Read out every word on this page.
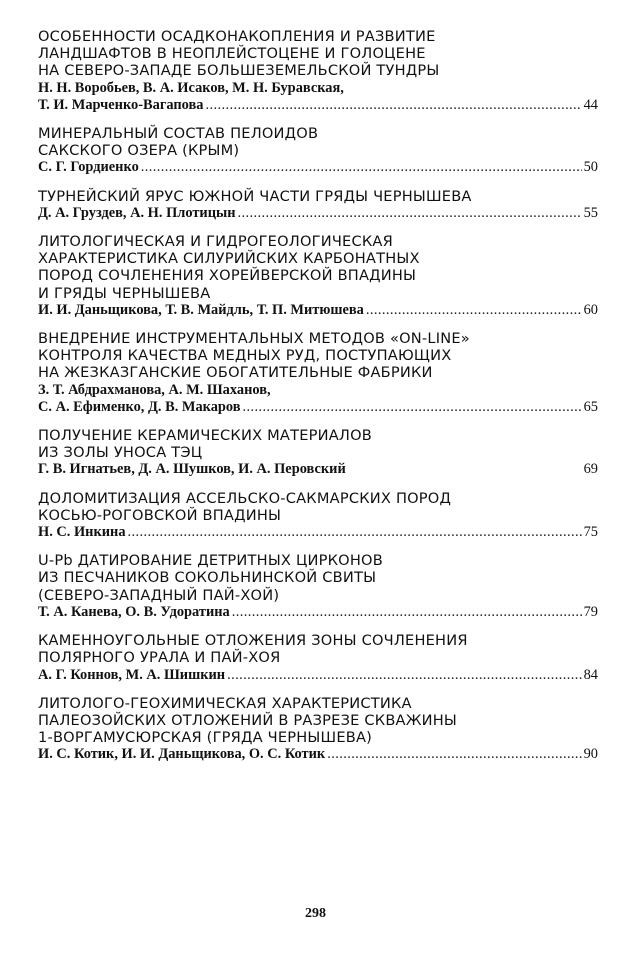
ОСОБЕННОСТИ ОСАДКОНАКОПЛЕНИЯ И РАЗВИТИЕ
ЛАНДШАФТОВ В НЕОПЛЕЙСТОЦЕНЕ И ГОЛОЦЕНЕ
НА СЕВЕРО-ЗАПАДЕ БОЛЬШЕЗЕМЕЛЬСКОЙ ТУНДРЫ
Н. Н. Воробьев, В. А. Исаков, М. Н. Буравская,
Т. И. Марченко-Вагапова . . .	44
МИНЕРАЛЬНЫЙ СОСТАВ ПЕЛОИДОВ
САКСКОГО ОЗЕРА (КРЫМ)
С. Г. Гордиенко . . .	50
ТУРНЕЙСКИЙ ЯРУС ЮЖНОЙ ЧАСТИ ГРЯДЫ ЧЕРНЫШЕВА
Д. А. Груздев, А. Н. Плотицын . . .	55
ЛИТОЛОГИЧЕСКАЯ И ГИДРОГЕОЛОГИЧЕСКАЯ
ХАРАКТЕРИСТИКА СИЛУРИЙСКИХ КАРБОНАТНЫХ
ПОРОД СОЧЛЕНЕНИЯ ХОРЕЙВЕРСКОЙ ВПАДИНЫ
И ГРЯДЫ ЧЕРНЫШЕВА
И. И. Даньщикова, Т. В. Майдль, Т. П. Митюшева . . .	60
ВНЕДРЕНИЕ ИНСТРУМЕНТАЛЬНЫХ МЕТОДОВ «ON-LINE»
КОНТРОЛЯ КАЧЕСТВА МЕДНЫХ РУД, ПОСТУПАЮЩИХ
НА ЖЕЗКАЗГАНСКИЕ ОБОГАТИТЕЛЬНЫЕ ФАБРИКИ
З. Т. Абдрахманова, А. М. Шаханов,
С. А. Ефименко, Д. В. Макаров . . .	65
ПОЛУЧЕНИЕ КЕРАМИЧЕСКИХ МАТЕРИАЛОВ
ИЗ ЗОЛЫ УНОСА ТЭЦ
Г. В. Игнатьев, Д. А. Шушков, И. А. Перовский	69
ДОЛОМИТИЗАЦИЯ АССЕЛЬСКО-САКМАРСКИХ ПОРОД
КОСЬЮ-РОГОВСКОЙ ВПАДИНЫ
Н. С. Инкина . . .	75
U-Pb ДАТИРОВАНИЕ ДЕТРИТНЫХ ЦИРКОНОВ
ИЗ ПЕСЧАНИКОВ СОКОЛЬНИНСКОЙ СВИТЫ
(СЕВЕРО-ЗАПАДНЫЙ ПАЙ-ХОЙ)
Т. А. Канева, О. В. Удоратина . . .	79
КАМЕННОУГОЛЬНЫЕ ОТЛОЖЕНИЯ ЗОНЫ СОЧЛЕНЕНИЯ
ПОЛЯРНОГО УРАЛА И ПАЙ-ХОЯ
А. Г. Коннов, М. А. Шишкин . . .	84
ЛИТОЛОГО-ГЕОХИМИЧЕСКАЯ ХАРАКТЕРИСТИКА
ПАЛЕОЗОЙСКИХ ОТЛОЖЕНИЙ В РАЗРЕЗЕ СКВАЖИНЫ
1-ВОРГАМУСЮРСКАЯ (ГРЯДА ЧЕРНЫШЕВА)
И. С. Котик, И. И. Даньщикова, О. С. Котик . . .	90
298
